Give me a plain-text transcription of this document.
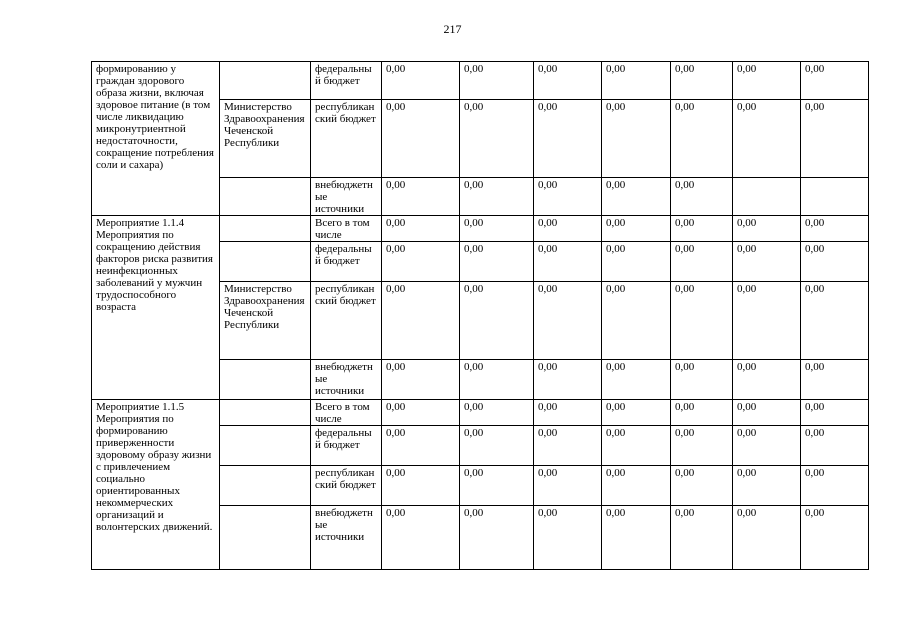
217
формированию у граждан здорового образа жизни, включая здоровое питание (в том числе ликвидацию микронутриентной недостаточности, сокращение потребления соли и сахара)		федеральный бюджет	0,00	0,00	0,00	0,00	0,00	0,00	0,00
	Министерство Здравоохранения Чеченской Республики	республиканский бюджет	0,00	0,00	0,00	0,00	0,00	0,00	0,00
		внебюджетные источники	0,00	0,00	0,00	0,00	0,00		
Мероприятие 1.1.4 Мероприятия по сокращению действия факторов риска развития неинфекционных заболеваний у мужчин трудоспособного возраста		Всего в том числе	0,00	0,00	0,00	0,00	0,00	0,00	0,00
		федеральный бюджет	0,00	0,00	0,00	0,00	0,00	0,00	0,00
	Министерство Здравоохранения Чеченской Республики	республиканский бюджет	0,00	0,00	0,00	0,00	0,00	0,00	0,00
		внебюджетные источники	0,00	0,00	0,00	0,00	0,00	0,00	0,00
Мероприятие 1.1.5 Мероприятия по формированию приверженности здоровому образу жизни с привлечением социально ориентированных некоммерческих организаций и волонтерских движений.		Всего в том числе	0,00	0,00	0,00	0,00	0,00	0,00	0,00
		федеральный бюджет	0,00	0,00	0,00	0,00	0,00	0,00	0,00
		республиканский бюджет	0,00	0,00	0,00	0,00	0,00	0,00	0,00
		внебюджетные источники	0,00	0,00	0,00	0,00	0,00	0,00	0,00
